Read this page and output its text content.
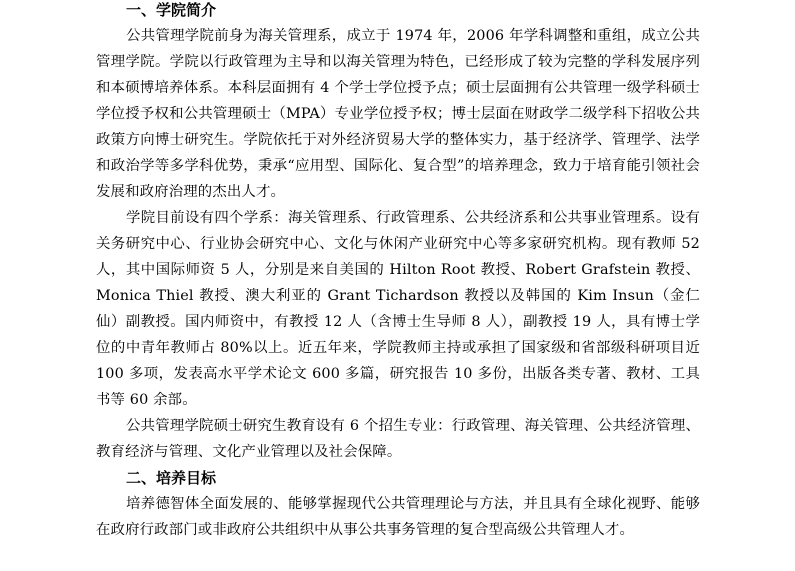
一、学院简介

公共管理学院前身为海关管理系，成立于 1974 年，2006 年学科调整和重组，成立公共管理学院。学院以行政管理为主导和以海关管理为特色，已经形成了较为完整的学科发展序列和本硕博培养体系。本科层面拥有 4 个学士学位授予点；硕士层面拥有公共管理一级学科硕士学位授予权和公共管理硕士（MPA）专业学位授予权；博士层面在财政学二级学科下招收公共政策方向博士研究生。学院依托于对外经济贸易大学的整体实力，基于经济学、管理学、法学和政治学等多学科优势，秉承“应用型、国际化、复合型”的培养理念，致力于培育能引领社会发展和政府治理的杰出人才。

学院目前设有四个学系：海关管理系、行政管理系、公共经济系和公共事业管理系。设有关务研究中心、行业协会研究中心、文化与休闲产业研究中心等多家研究机构。现有教师 52 人，其中国际师资 5 人，分别是来自美国的 Hilton Root 教授、Robert Grafstein 教授、Monica Thiel 教授、澳大利亚的 Grant Tichardson 教授以及韩国的 Kim Insun（金仁仙）副教授。国内师资中，有教授 12 人（含博士生导师 8 人），副教授 19 人，具有博士学位的中青年教师占 80%以上。近五年来，学院教师主持或承担了国家级和省部级科研项目近 100 多项，发表高水平学术论文 600 多篇，研究报告 10 多份，出版各类专著、教材、工具书等 60 余部。

公共管理学院硕士研究生教育设有 6 个招生专业：行政管理、海关管理、公共经济管理、教育经济与管理、文化产业管理以及社会保障。

二、培养目标

培养德智体全面发展的、能够掌握现代公共管理理论与方法，并且具有全球化视野、能够在政府行政部门或非政府公共组织中从事公共事务管理的复合型高级公共管理人才。
